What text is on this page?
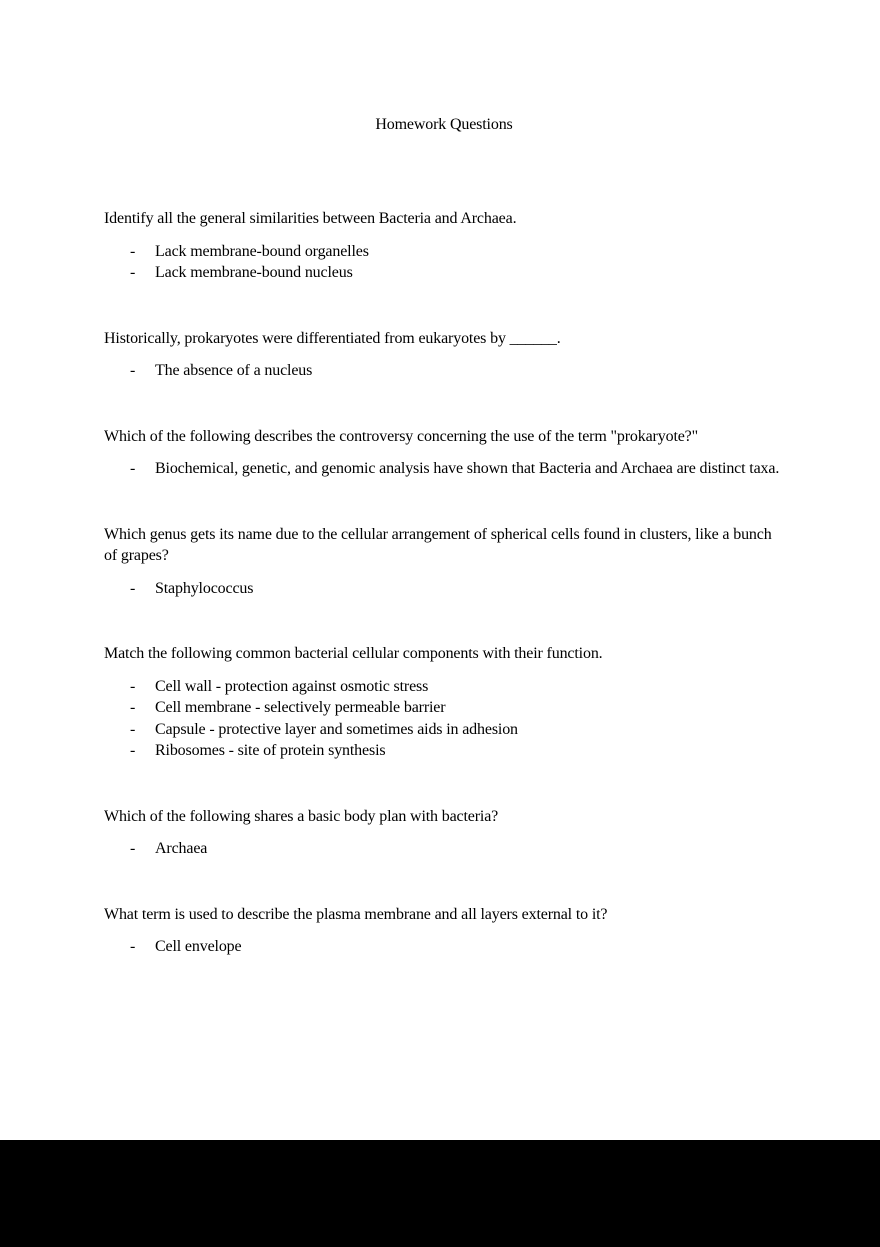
Homework Questions

Identify all the general similarities between Bacteria and Archaea.

-	Lack membrane-bound organelles
-	Lack membrane-bound nucleus

Historically, prokaryotes were differentiated from eukaryotes by ______.

-	The absence of a nucleus

Which of the following describes the controversy concerning the use of the term "prokaryote?"

-	Biochemical, genetic, and genomic analysis have shown that Bacteria and Archaea are distinct taxa.

Which genus gets its name due to the cellular arrangement of spherical cells found in clusters, like a bunch of grapes?

-	Staphylococcus

Match the following common bacterial cellular components with their function.

-	Cell wall - protection against osmotic stress
-	Cell membrane - selectively permeable barrier
-	Capsule - protective layer and sometimes aids in adhesion
-	Ribosomes - site of protein synthesis

Which of the following shares a basic body plan with bacteria?

-	Archaea

What term is used to describe the plasma membrane and all layers external to it?

-	Cell envelope
